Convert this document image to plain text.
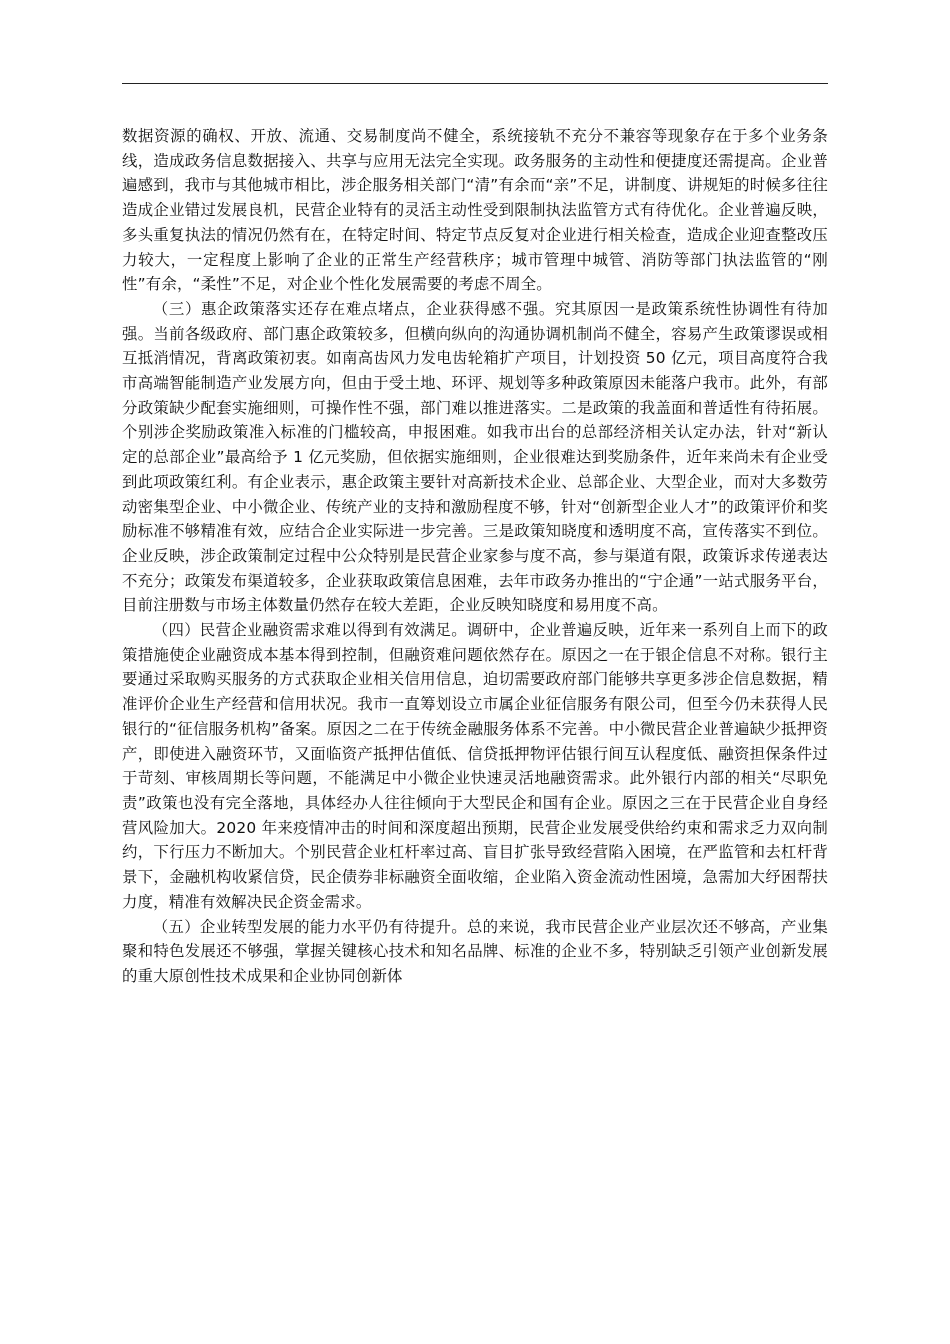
数据资源的确权、开放、流通、交易制度尚不健全，系统接轨不充分不兼容等现象存在于多个业务条线，造成政务信息数据接入、共享与应用无法完全实现。政务服务的主动性和便捷度还需提高。企业普遍感到，我市与其他城市相比，涉企服务相关部门“清”有余而“亲”不足，讲制度、讲规矩的时候多往往造成企业错过发展良机，民营企业特有的灵活主动性受到限制执法监管方式有待优化。企业普遍反映，多头重复执法的情况仍然有在，在特定时间、特定节点反复对企业进行相关检查，造成企业迎查整改压力较大，一定程度上影响了企业的正常生产经营秩序；城市管理中城管、消防等部门执法监管的“刚性”有余，“柔性”不足，对企业个性化发展需要的考虑不周全。

（三）惠企政策落实还存在难点堵点，企业获得感不强。究其原因一是政策系统性协调性有待加强。当前各级政府、部门惠企政策较多，但横向纵向的沟通协调机制尚不健全，容易产生政策谬误或相互抵消情况，背离政策初衷。如南高齿风力发电齿轮箱扩产项目，计划投资 50 亿元，项目高度符合我市高端智能制造产业发展方向，但由于受土地、环评、规划等多种政策原因未能落户我市。此外，有部分政策缺少配套实施细则，可操作性不强，部门难以推进落实。二是政策的我盖面和普适性有待拓展。个别涉企奖励政策准入标准的门槛较高，申报困难。如我市出台的总部经济相关认定办法，针对“新认定的总部企业”最高给予 1 亿元奖励，但依据实施细则，企业很难达到奖励条件，近年来尚未有企业受到此项政策红利。有企业表示，惠企政策主要针对高新技术企业、总部企业、大型企业，而对大多数劳动密集型企业、中小微企业、传统产业的支持和激励程度不够，针对“创新型企业人才”的政策评价和奖励标准不够精准有效，应结合企业实际进一步完善。三是政策知晓度和透明度不高，宣传落实不到位。企业反映，涉企政策制定过程中公众特别是民营企业家参与度不高，参与渠道有限，政策诉求传递表达不充分；政策发布渠道较多，企业获取政策信息困难，去年市政务办推出的“宁企通”一站式服务平台，目前注册数与市场主体数量仍然存在较大差距，企业反映知晓度和易用度不高。

（四）民营企业融资需求难以得到有效满足。调研中，企业普遍反映，近年来一系列自上而下的政策措施使企业融资成本基本得到控制，但融资难问题依然存在。原因之一在于银企信息不对称。银行主要通过采取购买服务的方式获取企业相关信用信息，迫切需要政府部门能够共享更多涉企信息数据，精准评价企业生产经营和信用状况。我市一直筹划设立市属企业征信服务有限公司，但至今仍未获得人民银行的“征信服务机构”备案。原因之二在于传统金融服务体系不完善。中小微民营企业普遍缺少抵押资产，即使进入融资环节，又面临资产抵押估值低、信贷抵押物评估银行间互认程度低、融资担保条件过于苛刻、审核周期长等问题，不能满足中小微企业快速灵活地融资需求。此外银行内部的相关“尽职免责”政策也没有完全落地，具体经办人往往倾向于大型民企和国有企业。原因之三在于民营企业自身经营风险加大。2020 年来疫情冲击的时间和深度超出预期，民营企业发展受供给约束和需求乏力双向制约，下行压力不断加大。个别民营企业杠杆率过高、盲目扩张导致经营陷入困境，在严监管和去杠杆背景下，金融机构收紧信贷，民企债券非标融资全面收缩，企业陷入资金流动性困境，急需加大纾困帮扶力度，精准有效解决民企资金需求。

（五）企业转型发展的能力水平仍有待提升。总的来说，我市民营企业产业层次还不够高，产业集聚和特色发展还不够强，掌握关键核心技术和知名品牌、标准的企业不多，特别缺乏引领产业创新发展的重大原创性技术成果和企业协同创新体
